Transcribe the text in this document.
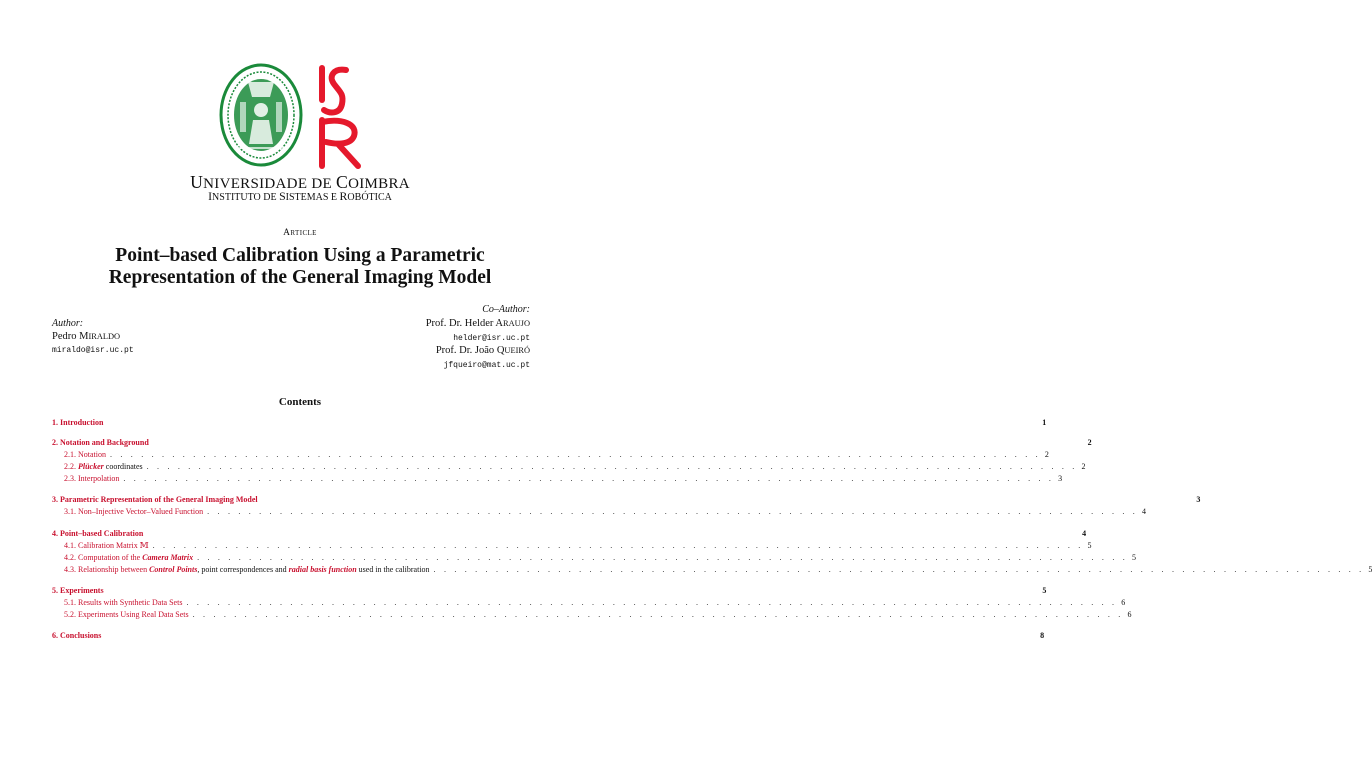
UNIVERSIDADE DE COIMBRA
INSTITUTO DE SISTEMAS E ROBÓTICA
Article
Point–based Calibration Using a Parametric
Representation of the General Imaging Model
Author:
Pedro MIRALDO
miraldo@isr.uc.pt
Co–Author:
Prof. Dr. Helder ARAUJO
helder@isr.uc.pt
Prof. Dr. João QUEIRÓ
jfqueiro@mat.uc.pt
Contents
1. Introduction	1
2. Notation and Background	2
2.1. Notation . . . . . . . . . . . . . . . . . . . . . . . . . . . . . . . . . . . . . . . . . . . . . . . . . . . . . . . . . . . . . . . . . . . . . . . . . . . . . . . . . . . . . . . . . . 2
2.2. Plücker coordinates . . . . . . . . . . . . . . . . . . . . . . . . . . . . . . . . . . . . . . . . . . . . . . . . . . . . . . . . . . . . . . . . . . . . . . . . . . . . . . . . . . . . . . . . . . 2
2.3. Interpolation . . . . . . . . . . . . . . . . . . . . . . . . . . . . . . . . . . . . . . . . . . . . . . . . . . . . . . . . . . . . . . . . . . . . . . . . . . . . . . . . . . . . . . . . . . 3
3. Parametric Representation of the General Imaging Model	3
3.1. Non–Injective Vector–Valued Function . . . . . . . . . . . . . . . . . . . . . . . . . . . . . . . . . . . . . . . . . . . . . . . . . . . . . . . . . . . . . . . . . . . . . . . . . . . . . . . . . . . . . . . . . . 4
4. Point–based Calibration	4
4.1. Calibration Matrix 𝕄 . . . . . . . . . . . . . . . . . . . . . . . . . . . . . . . . . . . . . . . . . . . . . . . . . . . . . . . . . . . . . . . . . . . . . . . . . . . . . . . . . . . . . . . . . . 5
4.2. Computation of the Camera Matrix . . . . . . . . . . . . . . . . . . . . . . . . . . . . . . . . . . . . . . . . . . . . . . . . . . . . . . . . . . . . . . . . . . . . . . . . . . . . . . . . . . . . . . . . . . 5
4.3. Relationship between Control Points, point correspondences and radial basis function used in the calibration . . . . . . . . . . . . . . . . . . . . . . . . . . . . . . . . . . . . . . . . . . . . . . . . . . . . . . . . . . . . . . . . . . . . . . . . . . . . . . . . . . . . . . . . . . 5
5. Experiments	5
5.1. Results with Synthetic Data Sets . . . . . . . . . . . . . . . . . . . . . . . . . . . . . . . . . . . . . . . . . . . . . . . . . . . . . . . . . . . . . . . . . . . . . . . . . . . . . . . . . . . . . . . . . . 6
5.2. Experiments Using Real Data Sets . . . . . . . . . . . . . . . . . . . . . . . . . . . . . . . . . . . . . . . . . . . . . . . . . . . . . . . . . . . . . . . . . . . . . . . . . . . . . . . . . . . . . . . . . . 6
6. Conclusions	8
